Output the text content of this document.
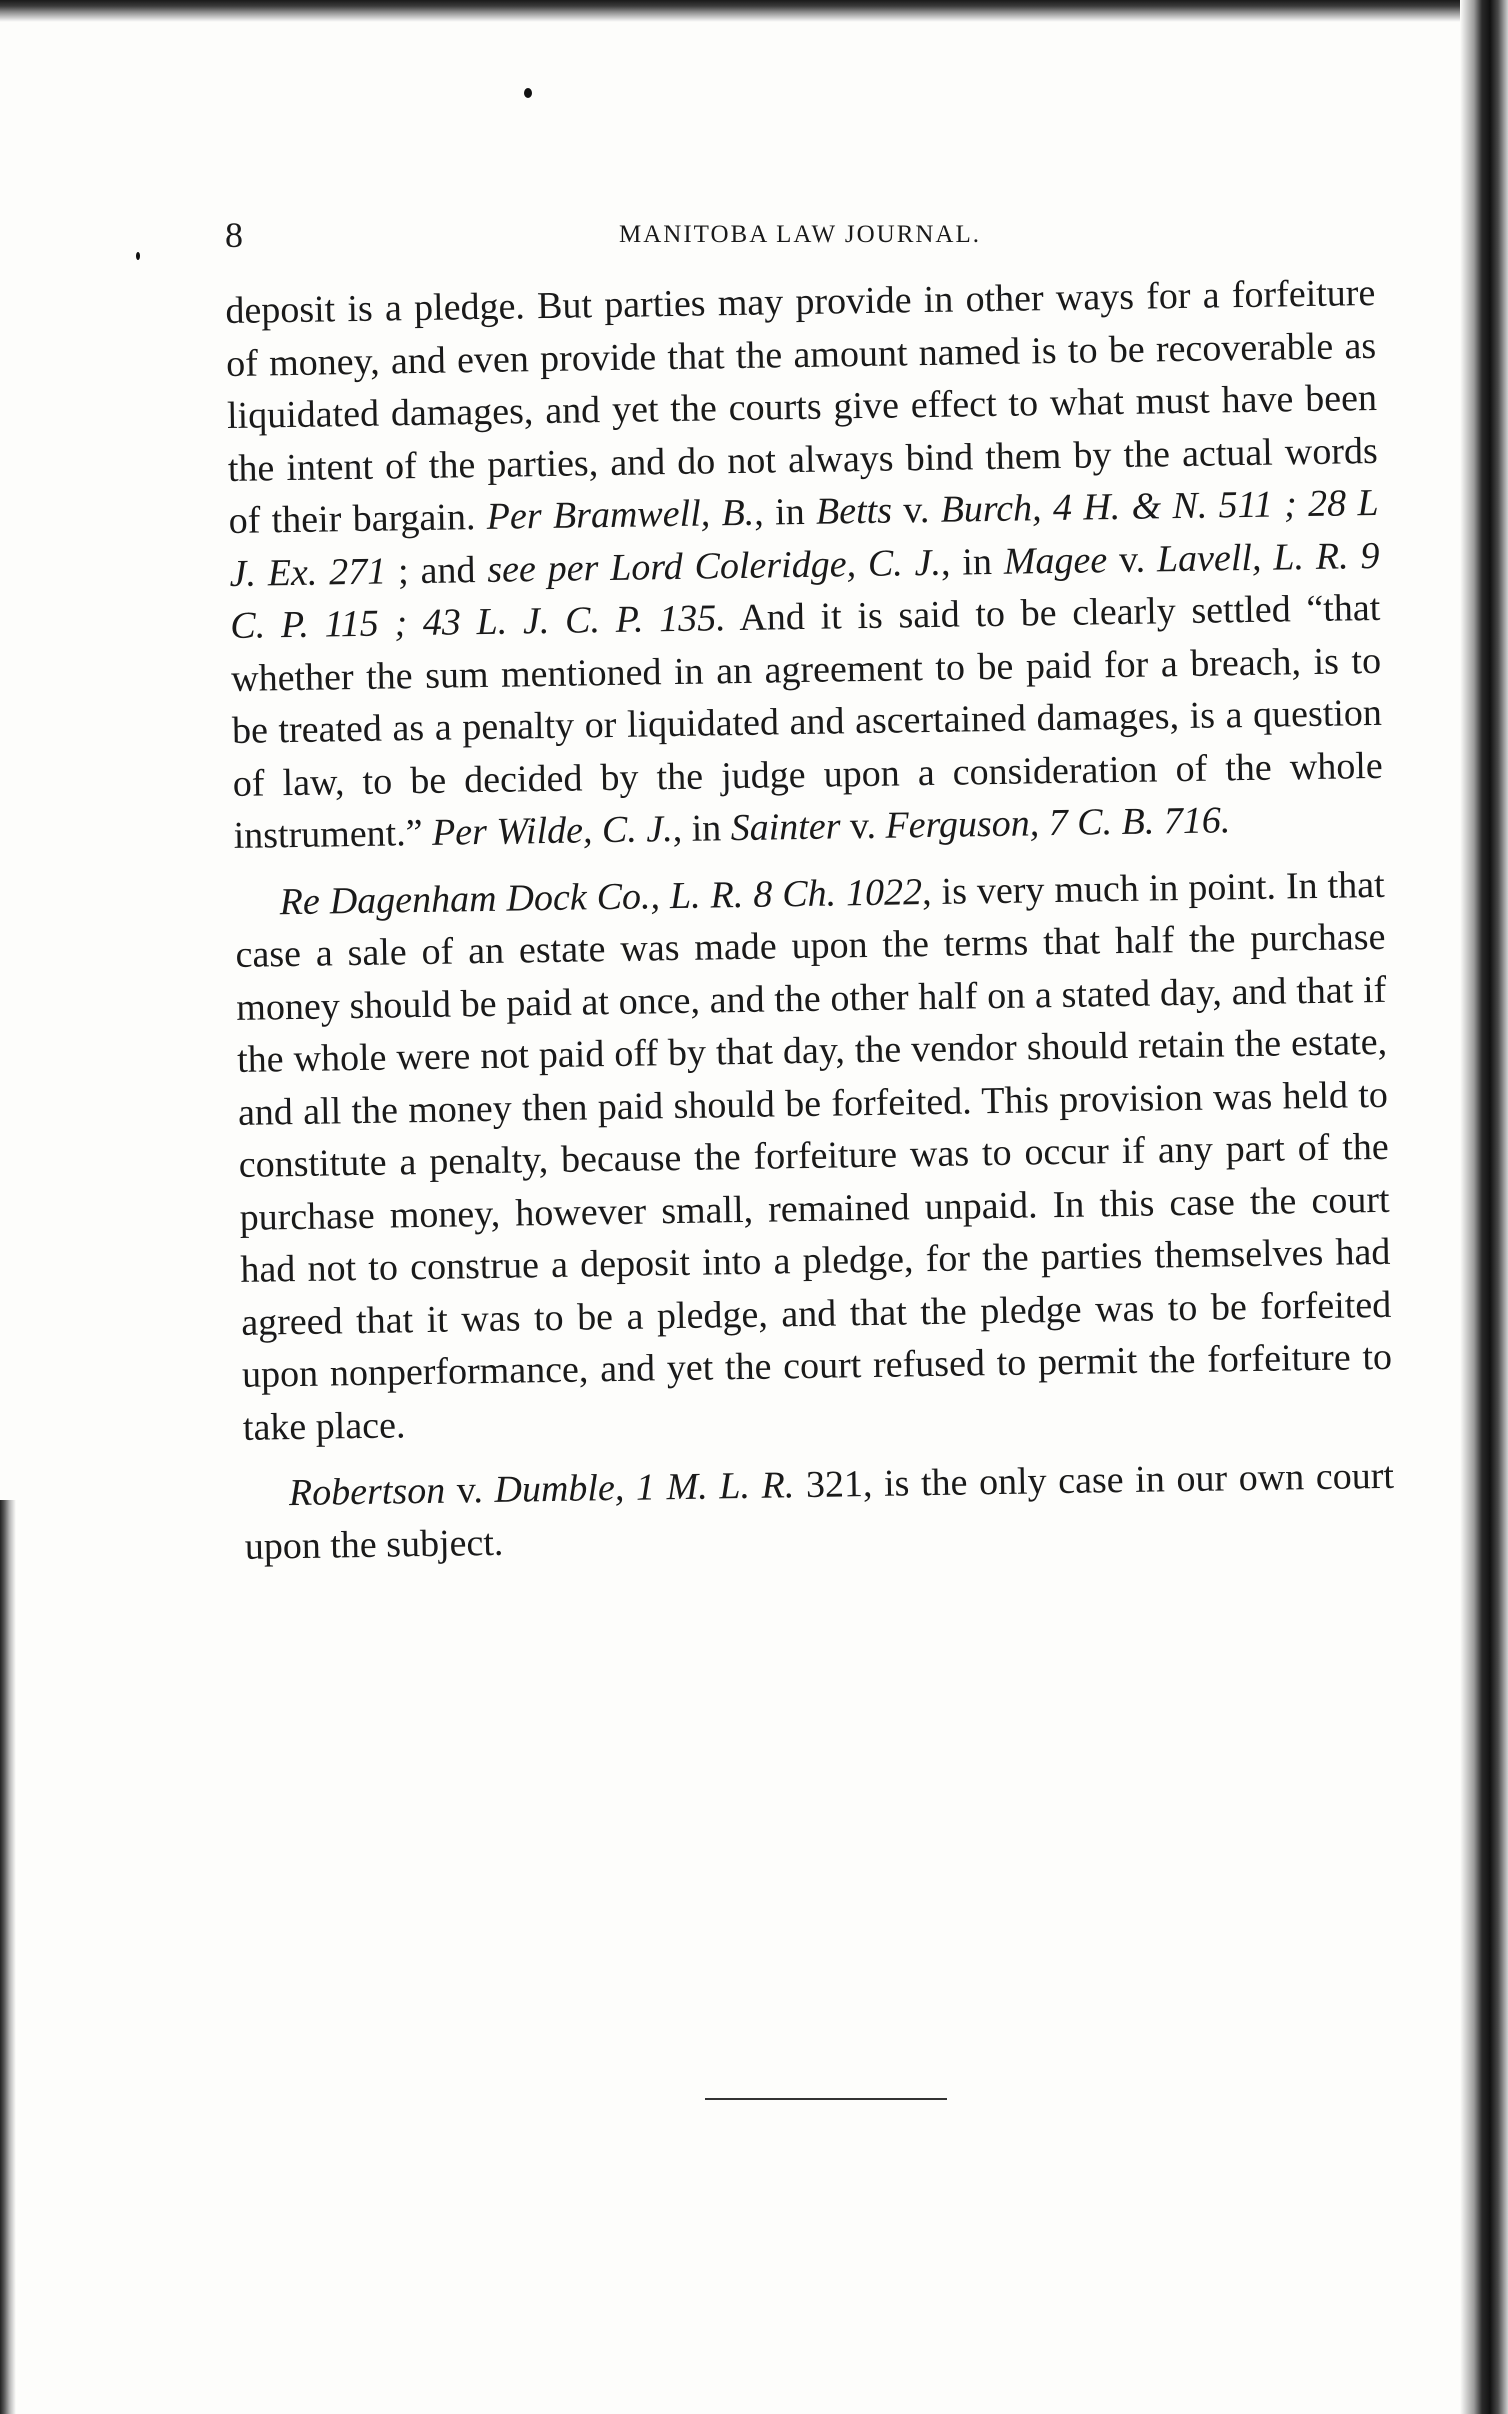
8	MANITOBA LAW JOURNAL.

deposit is a pledge. But parties may provide in other ways for a forfeiture of money, and even provide that the amount named is to be recoverable as liquidated damages, and yet the courts give effect to what must have been the intent of the parties, and do not always bind them by the actual words of their bargain. Per Bramwell, B., in Betts v. Burch, 4 H. & N. 511 ; 28 L J. Ex. 271 ; and see per Lord Coleridge, C. J., in Magee v. Lavell, L. R. 9 C. P. 115 ; 43 L. J. C. P. 135. And it is said to be clearly settled “that whether the sum mentioned in an agreement to be paid for a breach, is to be treated as a penalty or liquidated and ascertained damages, is a question of law, to be decided by the judge upon a consideration of the whole instrument.” Per Wilde, C. J., in Sainter v. Ferguson, 7 C. B. 716.

Re Dagenham Dock Co., L. R. 8 Ch. 1022, is very much in point. In that case a sale of an estate was made upon the terms that half the purchase money should be paid at once, and the other half on a stated day, and that if the whole were not paid off by that day, the vendor should retain the estate, and all the money then paid should be forfeited. This provision was held to constitute a penalty, because the forfeiture was to occur if any part of the purchase money, however small, remained unpaid. In this case the court had not to construe a deposit into a pledge, for the parties themselves had agreed that it was to be a pledge, and that the pledge was to be forfeited upon nonperformance, and yet the court refused to permit the forfeiture to take place.

Robertson v. Dumble, 1 M. L. R. 321, is the only case in our own court upon the subject.
